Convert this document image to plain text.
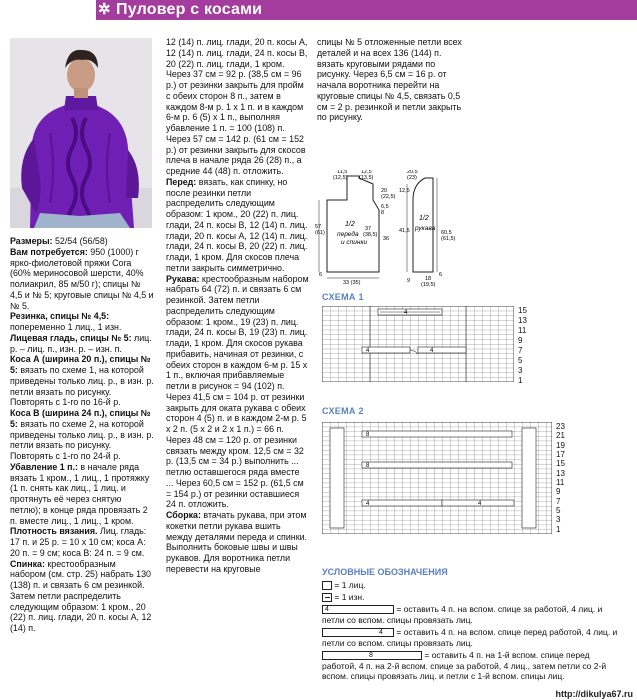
✲ Пуловер с косами

Размеры: 52/54 (56/58)

Вам потребуется: 950 (1000) г ярко-фиолетовой пряжи Cora (60% мериносовой шерсти, 40% полиакрил, 85 м/50 г); спицы № 4,5 и № 5; круговые спицы № 4,5 и № 5.

Резинка, спицы № 4,5: попеременно 1 лиц., 1 изн.

Лицевая гладь, спицы № 5: лиц. р. – лиц. п., изн. р. – изн. п.

Коса А (ширина 20 п.), спицы № 5: вязать по схеме 1, на которой приведены только лиц. р., в изн. р. петли вязать по рисунку. Повторять с 1-го по 16-й р.

Коса В (ширина 24 п.), спицы № 5: вязать по схеме 2, на которой приведены только лиц. р., в изн. р. петли вязать по рисунку. Повторять с 1-го по 24-й р.

Убавление 1 п.: в начале ряда вязать 1 кром., 1 лиц., 1 протяжку (1 п. снять как лиц., 1 лиц. и протянуть её через снятую петлю); в конце ряда провязать 2 п. вместе лиц., 1 лиц., 1 кром.

Плотность вязания. Лиц. гладь: 17 п. и 25 р. = 10 х 10 см; коса А: 20 п. = 9 см; коса В: 24 п. = 9 см.

Спинка: крестообразным набором (см. стр. 25) набрать 130 (138) п. и связать 6 см резинкой. Затем петли распределить следующим образом: 1 кром., 20 (22) п. лиц. глади, 20 п. косы А, 12 (14) п.

12 (14) п. лиц. глади, 20 п. косы А, 12 (14) п. лиц. глади, 24 п. косы В, 20 (22) п. лиц. глади, 1 кром. Через 37 см = 92 р. (38,5 см = 96 р.) от резинки закрыть для пройм с обеих сторон 8 п., затем в каждом 8-м р. 1 х 1 п. и в каждом 6-м р. 6 (5) х 1 п., выполняя убавление 1 п. = 100 (108) п. Через 57 см = 142 р. (61 см = 152 р.) от резинки закрыть для скосов плеча в начале ряда 26 (28) п., а средние 44 (48) п. отложить.

Перед: вязать, как спинку, но после резинки петли распределить следующим образом: 1 кром., 20 (22) п. лиц. глади, 24 п. косы В, 12 (14) п. лиц. глади, 20 п. косы А, 12 (14) п. лиц. глади, 24 п. косы В, 20 (22) п. лиц. глади, 1 кром. Для скосов плеча петли закрыть симметрично.

Рукава: крестообразным набором набрать 64 (72) п. и связать 6 см резинкой. Затем петли распределить следующим образом: 1 кром., 19 (23) п. лиц. глади, 24 п. косы В, 19 (23) п. лиц. глади, 1 кром. Для скосов рукава прибавить, начиная от резинки, с обеих сторон в каждом 6-м р. 15 х 1 п., включая прибавляемые петли в рисунок = 94 (102) п. Через 41,5 см = 104 р. от резинки закрыть для оката рукава с обеих сторон 4 (5) п. и в каждом 2-м р. 5 х 2 п. (5 х 2 и 2 х 1 п.) = 66 п. Через 48 см = 120 р. от резинки связать между кром. 12,5 см = 32 р. (13,5 см = 34 р.) выполнить ... петлю оставшегося ряда вместе ... Через 60,5 см = 152 р. (61,5 см = 154 р.) от резинки оставшиеся 24 п. отложить.

Сборка: втачать рукава, при этом кокетки петли рукава вшить между деталями переда и спинки. Выполнить боковые швы и швы рукавов. Для воротника петли перевести на круговые

спицы № 5 отложенные петли всех деталей и на всех 136 (144) п. вязать круговыми рядами по рисунку. Через 6,5 см = 16 р. от начала воротника перейти на круговые спицы № 4,5, связать 0,5 см = 2 р. резинкой и петли закрыть по рисунку.

11,5
(12,5)
12,5
(13,5)
20
(22,5)
6,5
8
57
(61)
1/2
переда
и спинки
37
(38,5)
36
6
33 (35)
20,5
(23)
12,5
60,5
(61,5)
1/2
рукава
41,5
9	18
(19,5)
6
СХЕМА 1
4
4	4
15
13
11
9
7
5
3
1
СХЕМА 2
8
8
4	4
23
21
19
17
15
13
11
9
7
5
3
1
УСЛОВНЫЕ ОБОЗНАЧЕНИЯ
= 1 лиц.
= 1 изн.
4	= оставить 4 п. на вспом. спице за работой, 4 лиц. и петли со вспом. спицы провязать лиц.
4 = оставить 4 п. на вспом. спице перед работой, 4 лиц. и петли со вспом. спицы провязать лиц.
8	= оставить 4 п. на 1-й вспом. спице перед работой, 4 п. на 2-й вспом. спице за работой, 4 лиц., затем петли со 2-й вспом. спицы провязать лиц. и петли с 1-й вспом. спицы лиц.
http://dikulya67.ru
